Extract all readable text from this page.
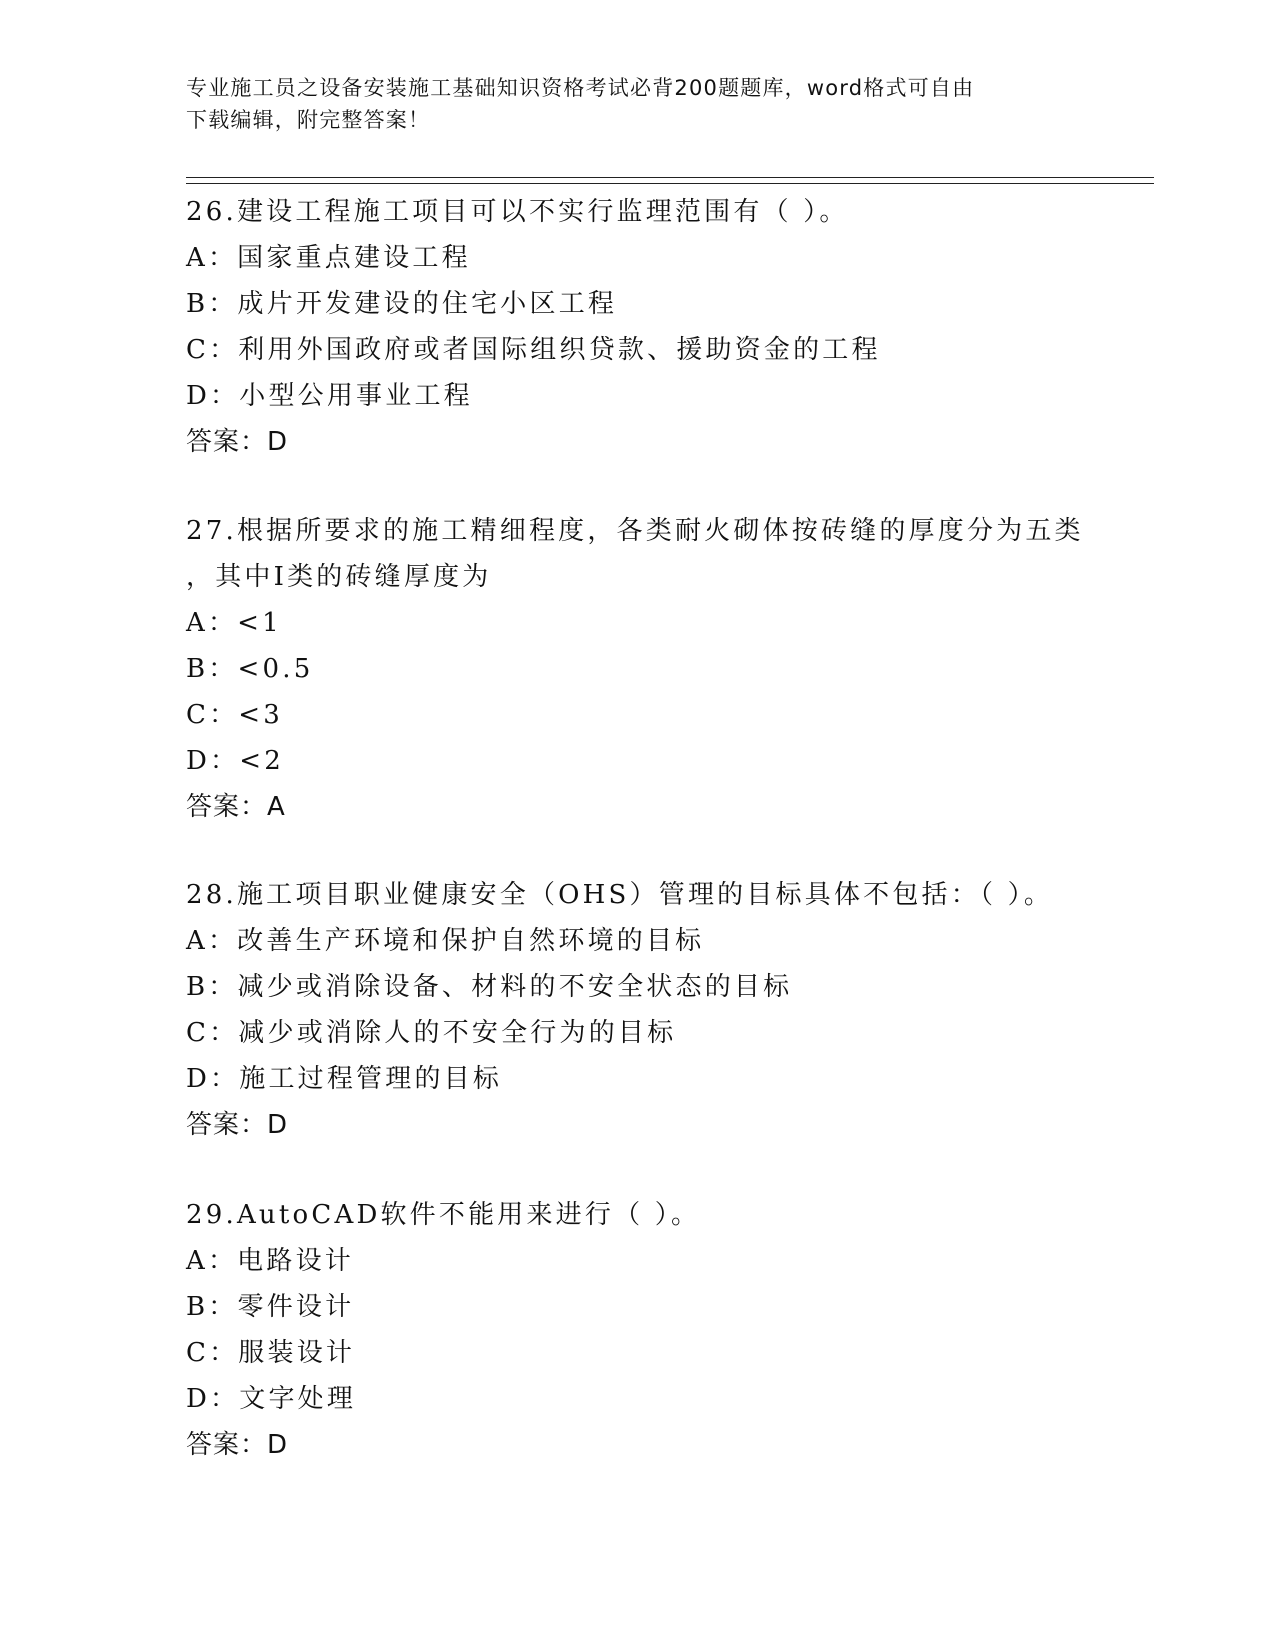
专业施工员之设备安装施工基础知识资格考试必背200题题库，word格式可自由
下载编辑，附完整答案！

26.建设工程施工项目可以不实行监理范围有（ ）。

A：国家重点建设工程

B：成片开发建设的住宅小区工程

C：利用外国政府或者国际组织贷款、援助资金的工程

D：小型公用事业工程

答案：D

27.根据所要求的施工精细程度，各类耐火砌体按砖缝的厚度分为五类

，其中Ⅰ类的砖缝厚度为

A：<1

B：<0.5

C：<3

D：<2

答案：A

28.施工项目职业健康安全（OHS）管理的目标具体不包括：（ ）。

A：改善生产环境和保护自然环境的目标

B：减少或消除设备、材料的不安全状态的目标

C：减少或消除人的不安全行为的目标

D：施工过程管理的目标

答案：D

29.AutoCAD软件不能用来进行（ ）。

A：电路设计

B：零件设计

C：服装设计

D：文字处理

答案：D
